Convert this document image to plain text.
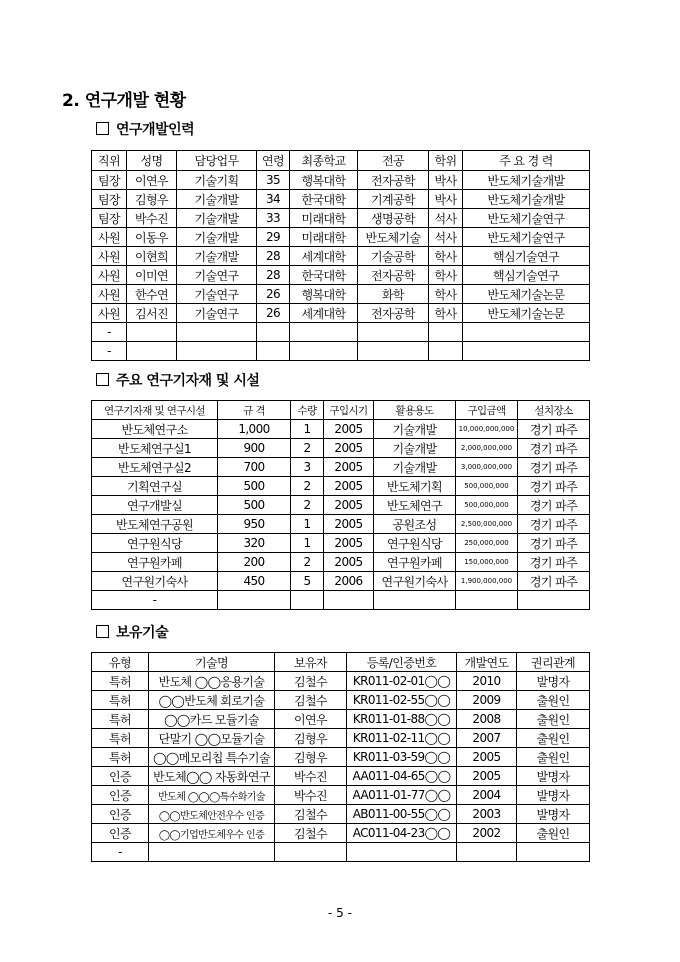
2. 연구개발 현황
연구개발인력
직위	성명	담당업무	연령	최종학교	전공	학위	주 요 경 력
팀장	이연우	기술기획	35	행복대학	전자공학	박사	반도체기술개발
팀장	김형우	기술개발	34	한국대학	기계공학	박사	반도체기술개발
팀장	박수진	기술개발	33	미래대학	생명공학	석사	반도체기술연구
사원	이동우	기술개발	29	미래대학	반도체기술	석사	반도체기술연구
사원	이현희	기술개발	28	세계대학	기술공학	학사	핵심기술연구
사원	이미연	기술연구	28	한국대학	전자공학	학사	핵심기술연구
사원	한수연	기술연구	26	행복대학	화학	학사	반도체기술논문
사원	김서진	기술연구	26	세계대학	전자공학	학사	반도체기술논문
-							
-							
주요 연구기자재 및 시설
연구기자재 및 연구시설	규 격	수량	구입시기	활용용도	구입금액	설치장소
반도체연구소	1,000	1	2005	기술개발	10,000,000,000	경기 파주
반도체연구실1	900	2	2005	기술개발	2,000,000,000	경기 파주
반도체연구실2	700	3	2005	기술개발	3,000,000,000	경기 파주
기획연구실	500	2	2005	반도체기획	500,000,000	경기 파주
연구개발실	500	2	2005	반도체연구	500,000,000	경기 파주
반도체연구공원	950	1	2005	공원조성	2,500,000,000	경기 파주
연구원식당	320	1	2005	연구원식당	250,000,000	경기 파주
연구원카페	200	2	2005	연구원카페	150,000,000	경기 파주
연구원기숙사	450	5	2006	연구원기숙사	1,900,000,000	경기 파주
-						
보유기술
유형	기술명	보유자	등록/인증번호	개발연도	권리관계
특허	반도체 ◯◯응용기술	김철수	KR011-02-01◯◯	2010	발명자
특허	◯◯반도체 회로기술	김철수	KR011-02-55◯◯	2009	출원인
특허	◯◯카드 모듈기술	이연우	KR011-01-88◯◯	2008	출원인
특허	단말기 ◯◯모듈기술	김형우	KR011-02-11◯◯	2007	출원인
특허	◯◯메모리칩 특수기술	김형우	KR011-03-59◯◯	2005	출원인
인증	반도체◯◯ 자동화연구	박수진	AA011-04-65◯◯	2005	발명자
인증	반도체 ◯◯◯특수화기술	박수진	AA011-01-77◯◯	2004	발명자
인증	◯◯반도체안전우수 인증	김철수	AB011-00-55◯◯	2003	발명자
인증	◯◯기업반도체우수 인증	김철수	AC011-04-23◯◯	2002	출원인
-					
- 5 -
